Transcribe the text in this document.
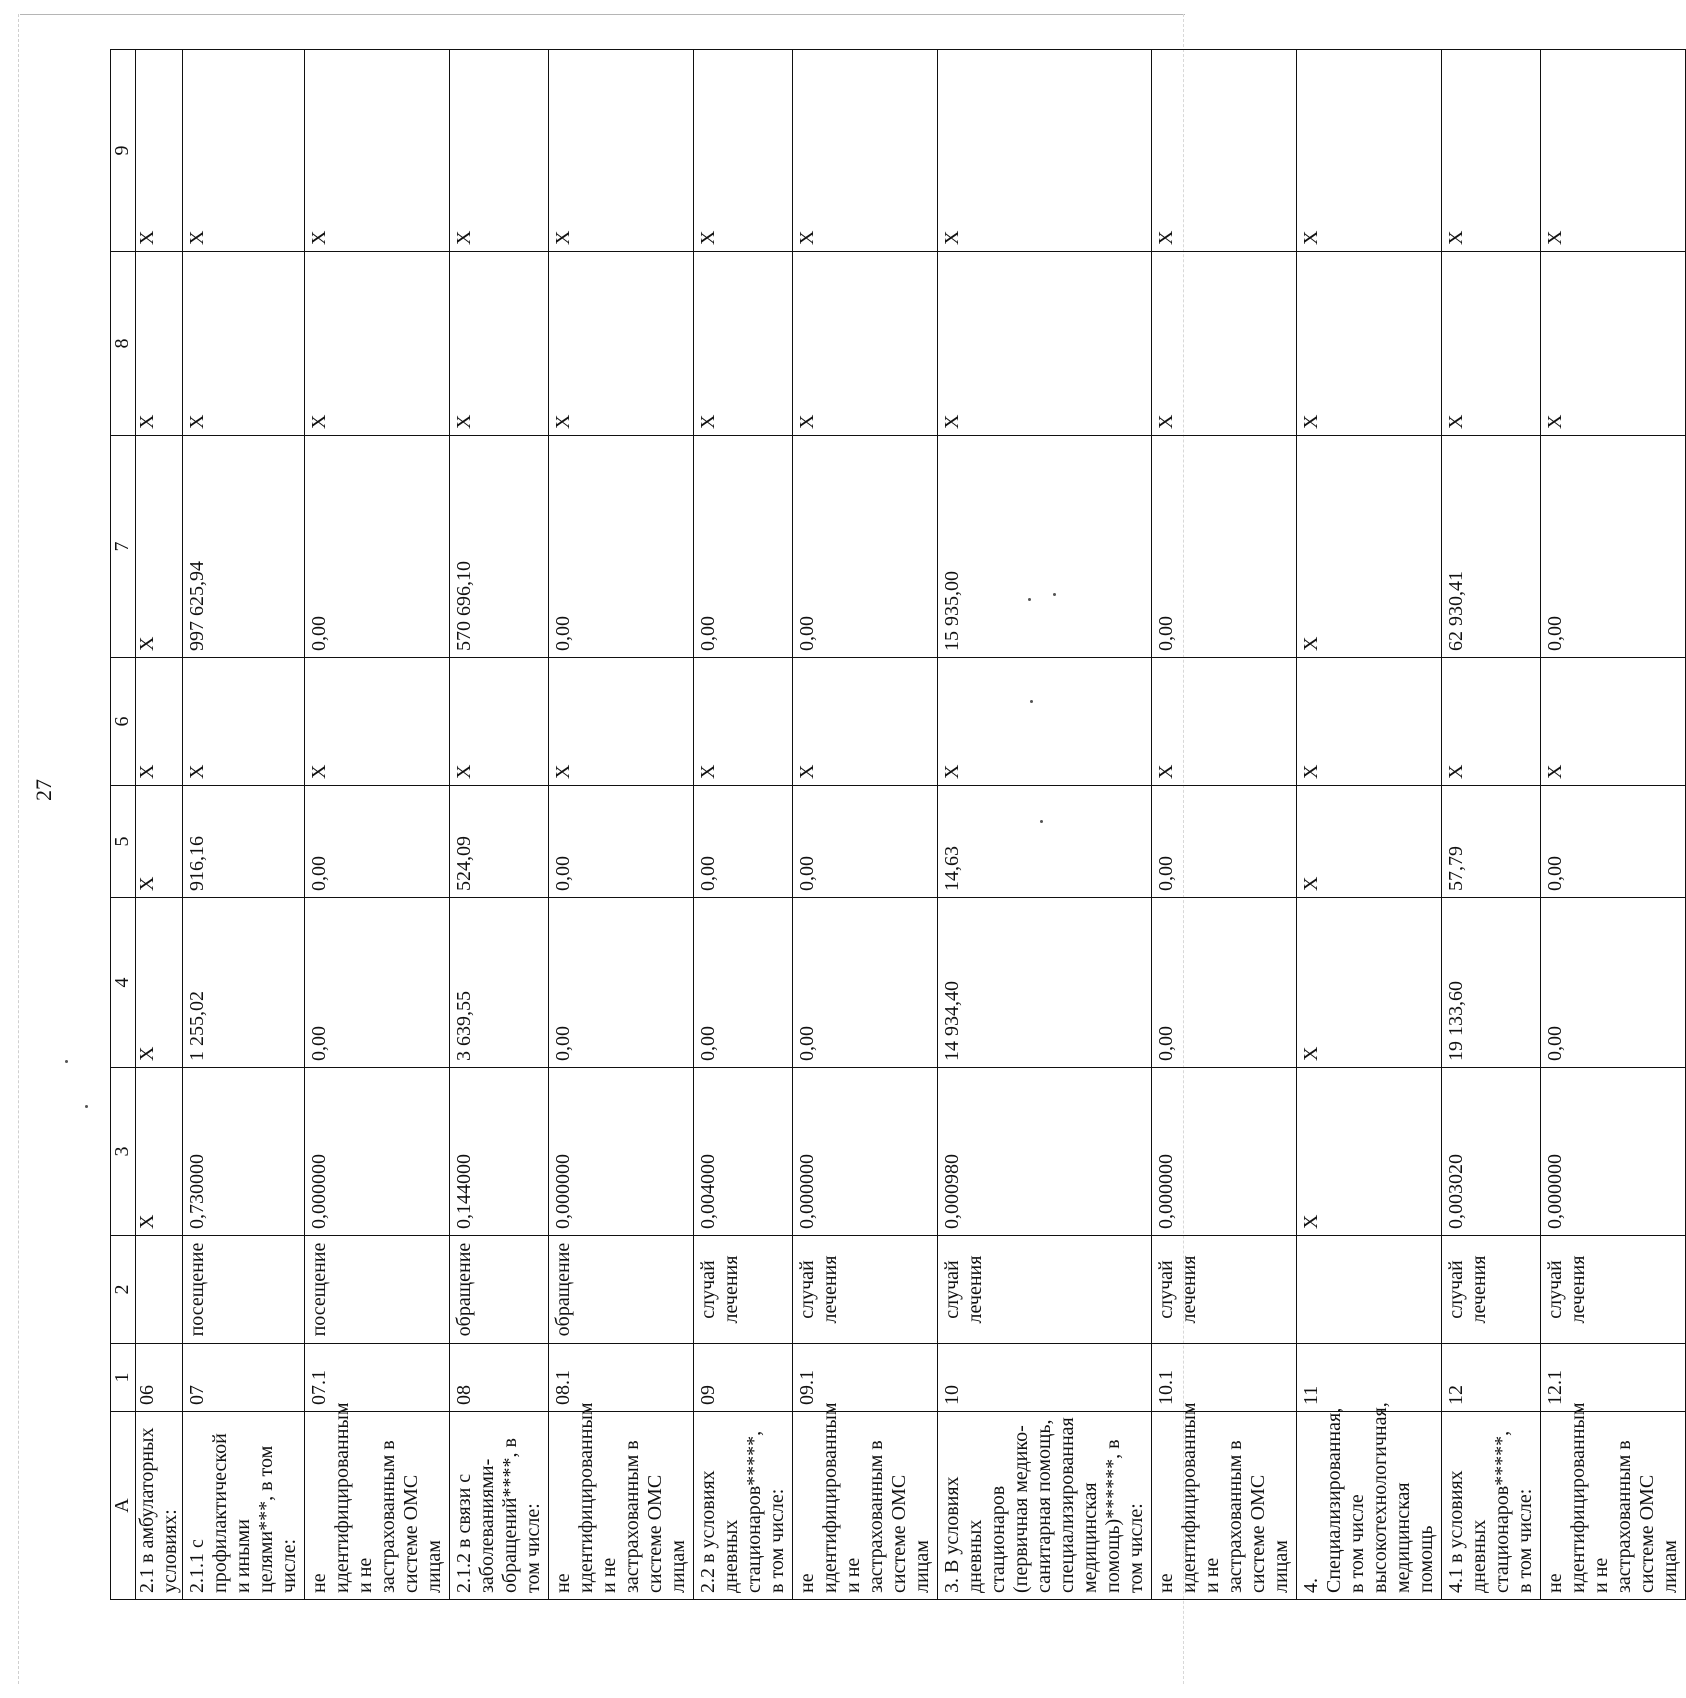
27
A	1	2	3	4	5	6	7	8	9
2.1 в амбулаторных условиях:	06		Х	Х	Х	Х	Х	Х	Х
2.1.1 с профилактической и иными целями***, в том числе:	07	посещение	0,730000	1 255,02	916,16	Х	997 625,94	Х	Х
не идентифицированным и не застрахованным в системе ОМС лицам	07.1	посещение	0,000000	0,00	0,00	Х	0,00	Х	Х
2.1.2 в связи с заболеваниями-обращений****, в том числе:	08	обращение	0,144000	3 639,55	524,09	Х	570 696,10	Х	Х
не идентифицированным и не застрахованным в системе ОМС лицам	08.1	обращение	0,000000	0,00	0,00	Х	0,00	Х	Х
2.2 в условиях дневных стационаров*****, в том числе:	09	случай лечения	0,004000	0,00	0,00	Х	0,00	Х	Х
не идентифицированным и не застрахованным в системе ОМС лицам	09.1	случай лечения	0,000000	0,00	0,00	Х	0,00	Х	Х
3. В условиях дневных стационаров (первичная медико-санитарная помощь, специализированная медицинская помощь)******, в том числе:	10	случай лечения	0,000980	14 934,40	14,63	Х	15 935,00	Х	Х
не идентифицированным и не застрахованным в системе ОМС лицам	10.1	случай лечения	0,000000	0,00	0,00	Х	0,00	Х	Х
4. Специализированная, в том числе высокотехнологичная, медицинская помощь	11		Х	Х	Х	Х	Х	Х	Х
4.1 в условиях дневных стационаров*****, в том числе:	12	случай лечения	0,003020	19 133,60	57,79	Х	62 930,41	Х	Х
не идентифицированным и не застрахованным в системе ОМС лицам	12.1	случай лечения	0,000000	0,00	0,00	Х	0,00	Х	Х
